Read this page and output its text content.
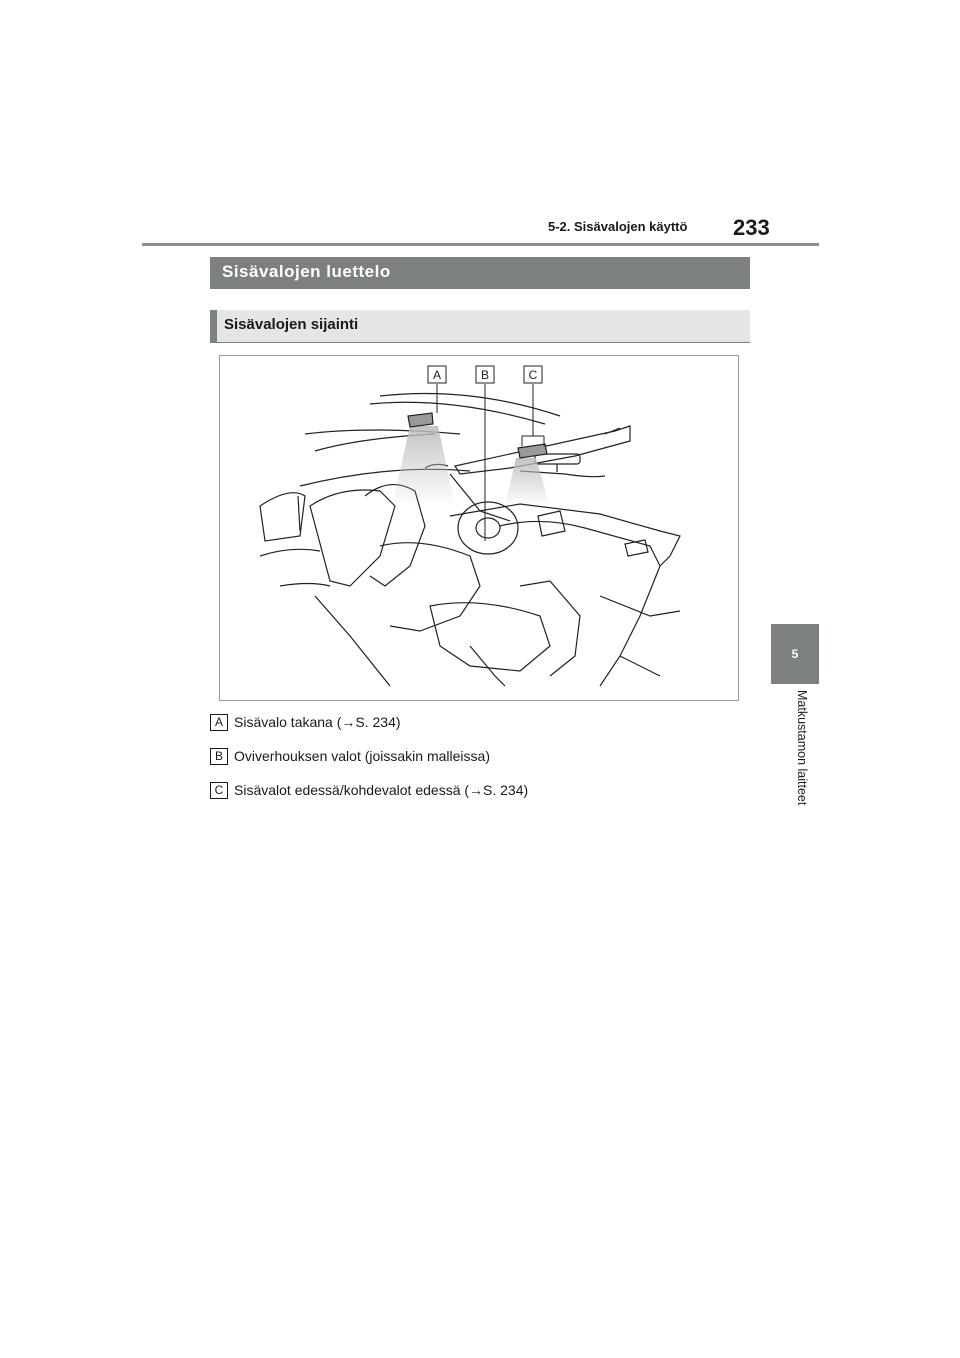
5-2. Sisävalojen käyttö 233
5
Matkustamon laitteet
Sisävalojen luettelo
Sisävalojen sijainti
A	B	C
A Sisävalo takana (→S. 234)
B Oviverhouksen valot (joissakin malleissa)
C Sisävalot edessä/kohdevalot edessä (→S. 234)
